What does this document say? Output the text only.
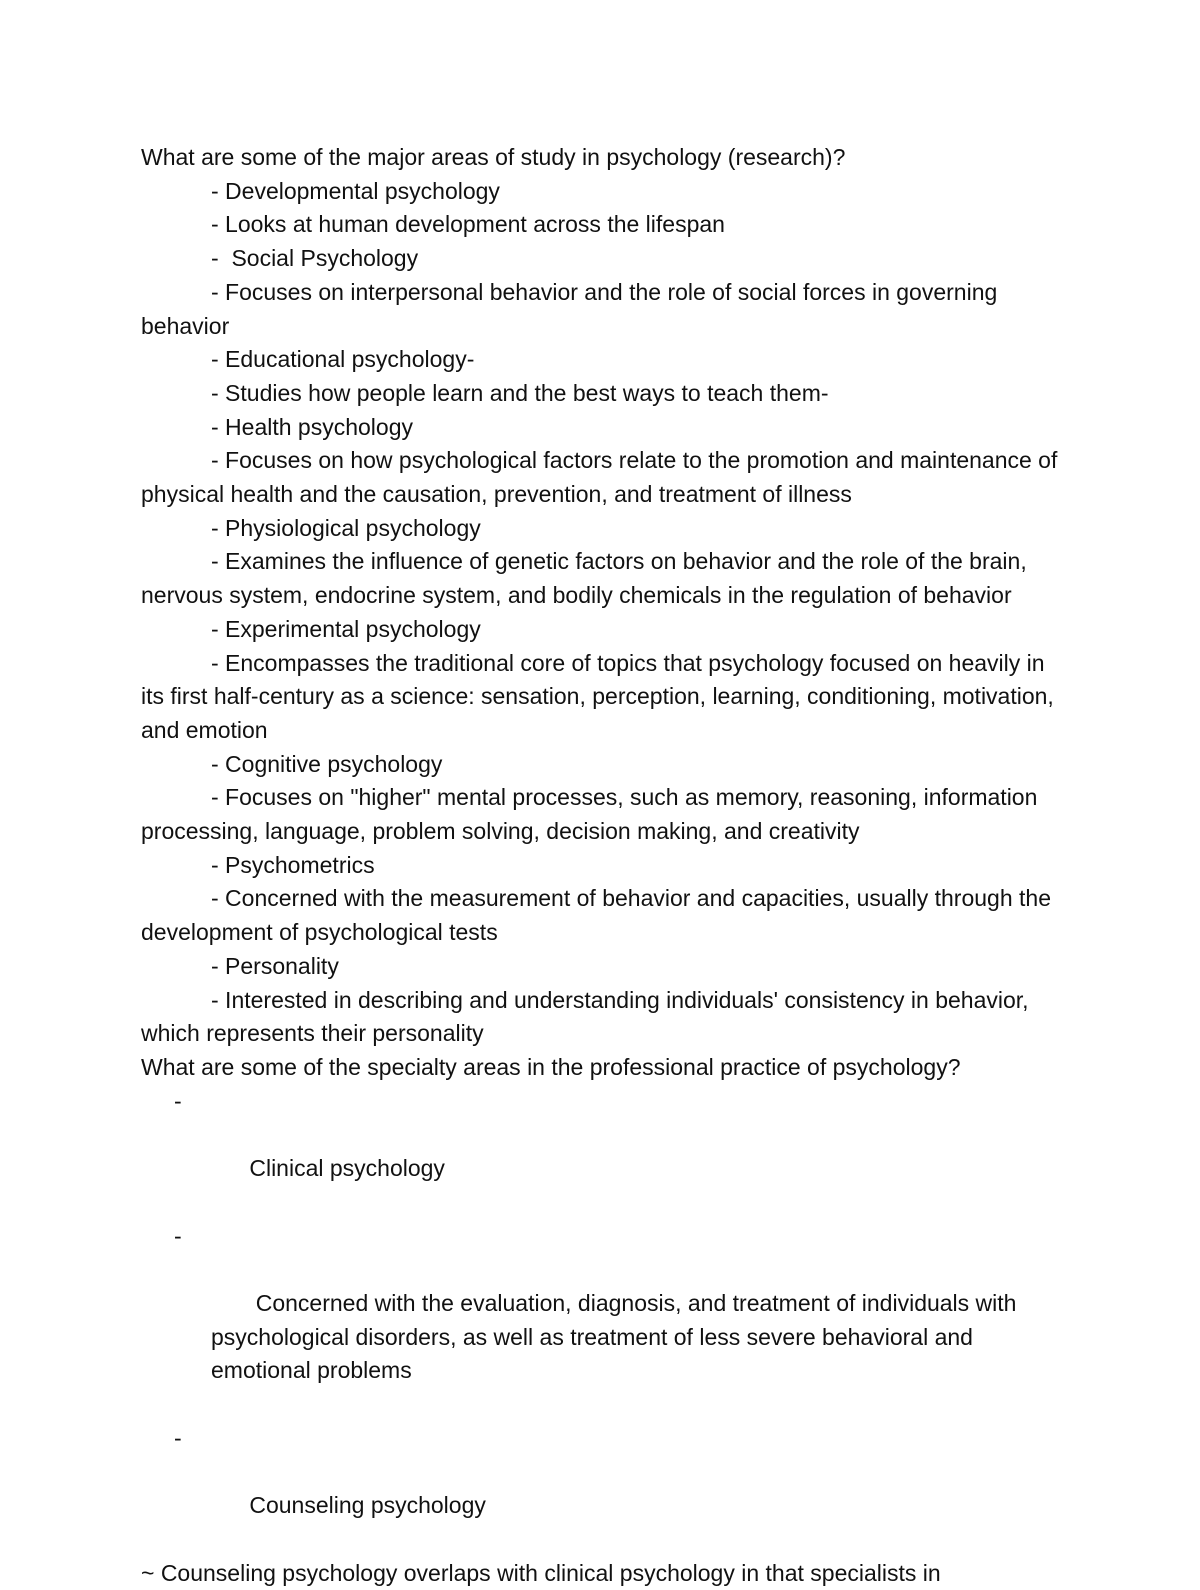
What are some of the major areas of study in psychology (research)?

- Developmental psychology

- Looks at human development across the lifespan

-  Social Psychology

- Focuses on interpersonal behavior and the role of social forces in governing behavior

- Educational psychology-

- Studies how people learn and the best ways to teach them-

- Health psychology

- Focuses on how psychological factors relate to the promotion and maintenance of physical health and the causation, prevention, and treatment of illness

- Physiological psychology

- Examines the influence of genetic factors on behavior and the role of the brain, nervous system, endocrine system, and bodily chemicals in the regulation of behavior

- Experimental psychology

- Encompasses the traditional core of topics that psychology focused on heavily in its first half-century as a science: sensation, perception, learning, conditioning, motivation, and emotion

- Cognitive psychology

- Focuses on "higher" mental processes, such as memory, reasoning, information processing, language, problem solving, decision making, and creativity

- Psychometrics

- Concerned with the measurement of behavior and capacities, usually through the development of psychological tests

- Personality

- Interested in describing and understanding individuals' consistency in behavior, which represents their personality

What are some of the specialty areas in the professional practice of psychology?

-

Clinical psychology

-

Concerned with the evaluation, diagnosis, and treatment of individuals with psychological disorders, as well as treatment of less severe behavioral and emotional problems

-

Counseling psychology

~ Counseling psychology overlaps with clinical psychology in that specialists in
